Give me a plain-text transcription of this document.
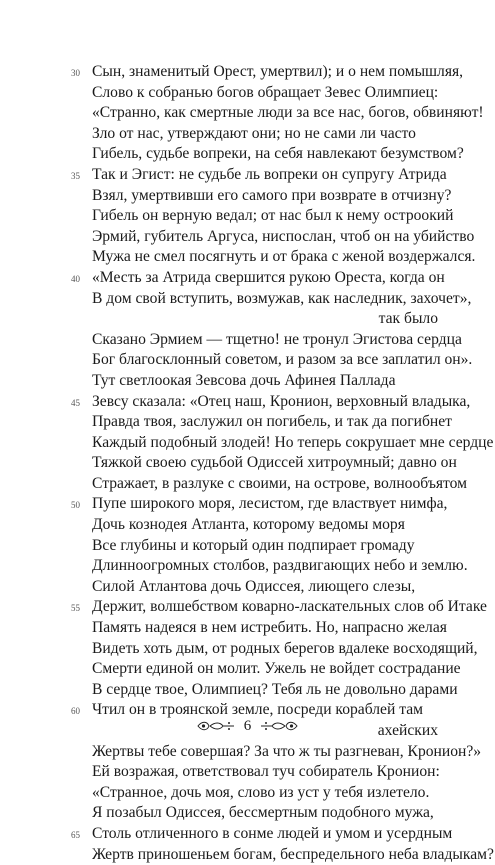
30 Сын, знаменитый Орест, умертвил); и о нем помышляя,
Слово к собранью богов обращает Зевес Олимпиец:
«Странно, как смертные люди за все нас, богов, обвиняют!
Зло от нас, утверждают они; но не сами ли часто
Гибель, судьбе вопреки, на себя навлекают безумством?
35 Так и Эгист: не судьбе ль вопреки он супругу Атрида
Взял, умертвивши его самого при возврате в отчизну?
Гибель он верную ведал; от нас был к нему остроокий
Эрмий, губитель Аргуса, ниспослан, чтоб он на убийство
Мужа не смел посягнуть и от брака с женой воздержался.
40 «Месть за Атрида свершится рукою Ореста, когда он
В дом свой вступить, возмужав, как наследник, захочет»,
так было
Сказано Эрмием — тщетно! не тронул Эгистова сердца
Бог благосклонный советом, и разом за все заплатил он».
Тут светлоокая Зевсова дочь Афинея Паллада
45 Зевсу сказала: «Отец наш, Кронион, верховный владыка,
Правда твоя, заслужил он погибель, и так да погибнет
Каждый подобный злодей! Но теперь сокрушает мне сердце
Тяжкой своею судьбой Одиссей хитроумный; давно он
Стражает, в разлуке с своими, на острове, волнообъятом
50 Пупе широкого моря, лесистом, где властвует нимфа,
Дочь кознодея Атланта, которому ведомы моря
Все глубины и который один подпирает громаду
Длинноогромных столбов, раздвигающих небо и землю.
Силой Атлантова дочь Одиссея, лиющего слезы,
55 Держит, волшебством коварно-ласкательных слов об Итаке
Память надеяся в нем истребить. Но, напрасно желая
Видеть хоть дым, от родных берегов вдалеке восходящий,
Смерти единой он молит. Ужель не войдет сострадание
В сердце твое, Олимпиец? Тебя ль не довольно дарами
60 Чтил он в троянской земле, посреди кораблей там
ахейских
Жертвы тебе совершая? За что ж ты разгневан, Кронион?»
Ей возражая, ответствовал туч собиратель Кронион:
«Странное, дочь моя, слово из уст у тебя излетело.
Я позабыл Одиссея, бессмертным подобного мужа,
65 Столь отличенного в сонме людей и умом и усердным
Жертв приношеньем богам, беспредельного неба владыкам?
6
